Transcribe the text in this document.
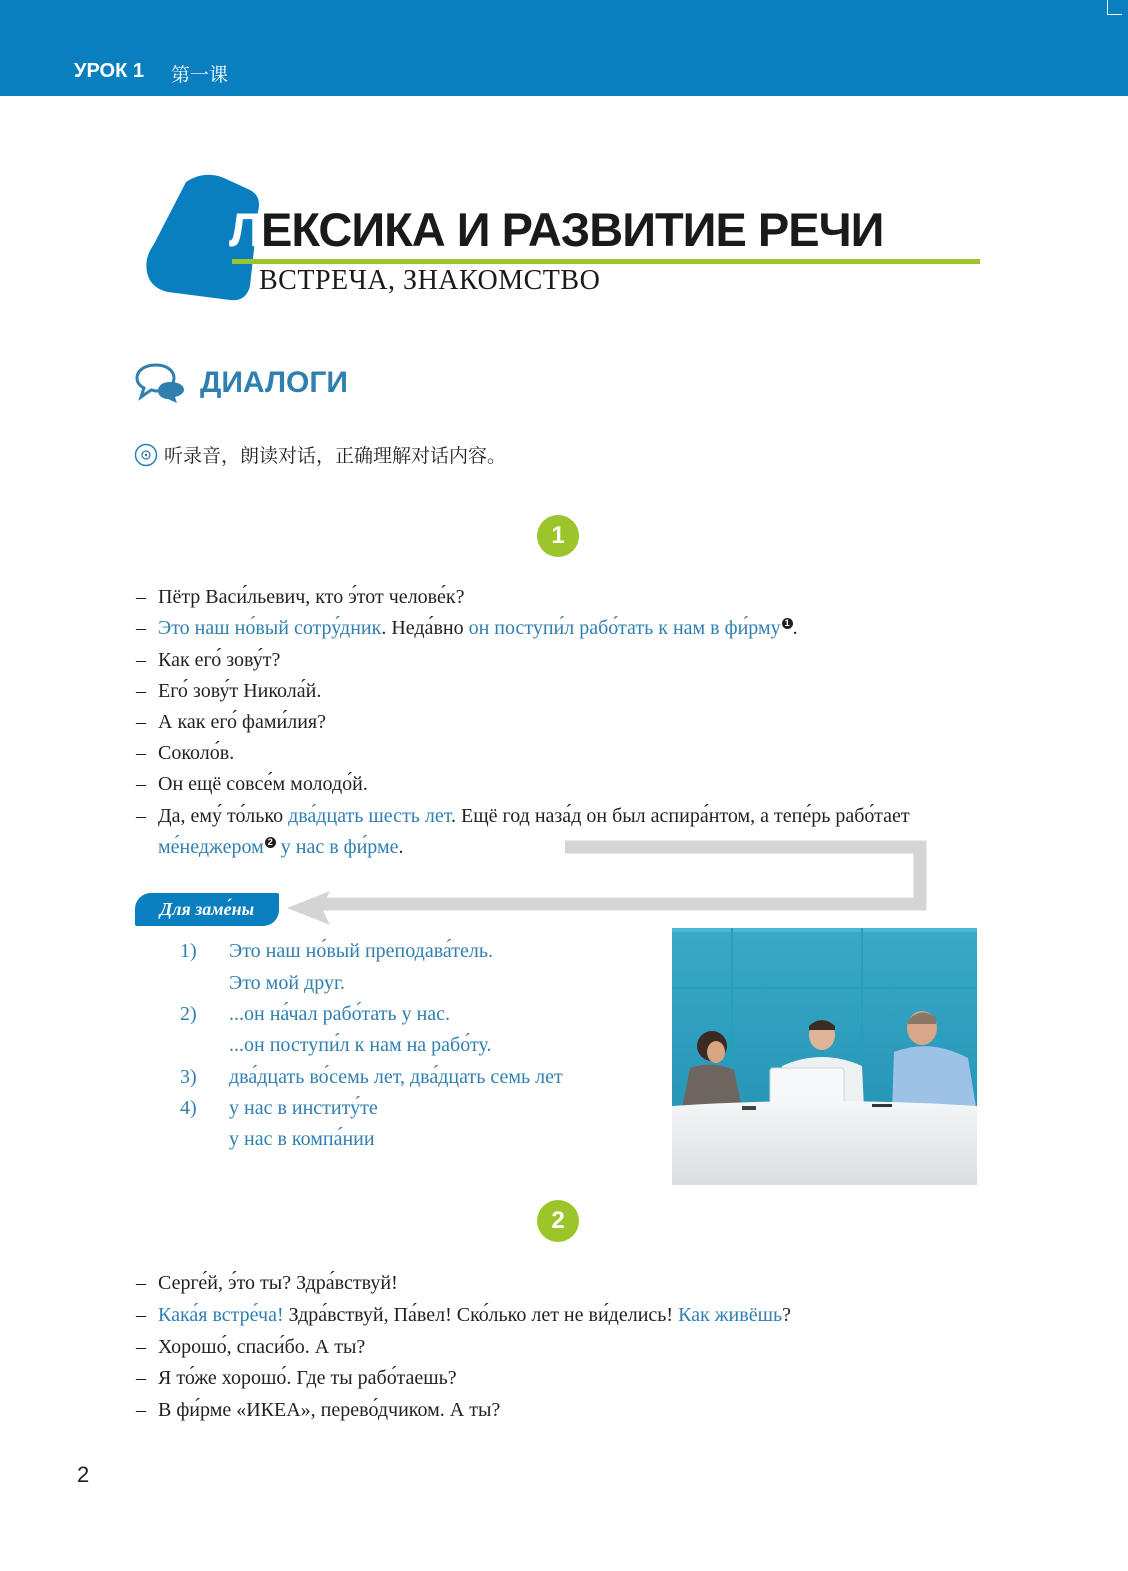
УРОК 1 第一课
ЛЕКСИКА И РАЗВИТИЕ РЕЧИ
ВСТРЕЧА, ЗНАКОМСТВО
ДИАЛОГИ
听录音，朗读对话，正确理解对话内容。
1
– Пётр Васи́льевич, кто э́тот челове́к?
– Это наш но́вый сотру́дник. Неда́вно он поступи́л рабо́тать к нам в фи́рму 1 .
– Как его́ зову́т?
– Его́ зову́т Никола́й.
– А как его́ фами́лия?
– Соколо́в.
– Он ещё совсе́м молодо́й.
– Да, ему́ то́лько два́дцать шесть лет. Ещё год наза́д он был аспира́нтом, а тепе́рь рабо́тает
ме́неджером 2 у нас в фи́рме.
Для заме́ны
1) Это наш но́вый преподава́тель.
Это мой друг.
2) ...он на́чал рабо́тать у нас.
...он поступи́л к нам на рабо́ту.
3) два́дцать во́семь лет, два́дцать семь лет
4) у нас в институ́те
у нас в компа́нии
2
– Серге́й, э́то ты? Здра́вствуй!
– Кака́я встре́ча! Здра́вствуй, Па́вел! Ско́лько лет не ви́делись! Как живёшь?
– Хорошо́, спаси́бо. А ты?
– Я то́же хорошо́. Где ты рабо́таешь?
– В фи́рме «ИКЕА», перево́дчиком. А ты?
2
